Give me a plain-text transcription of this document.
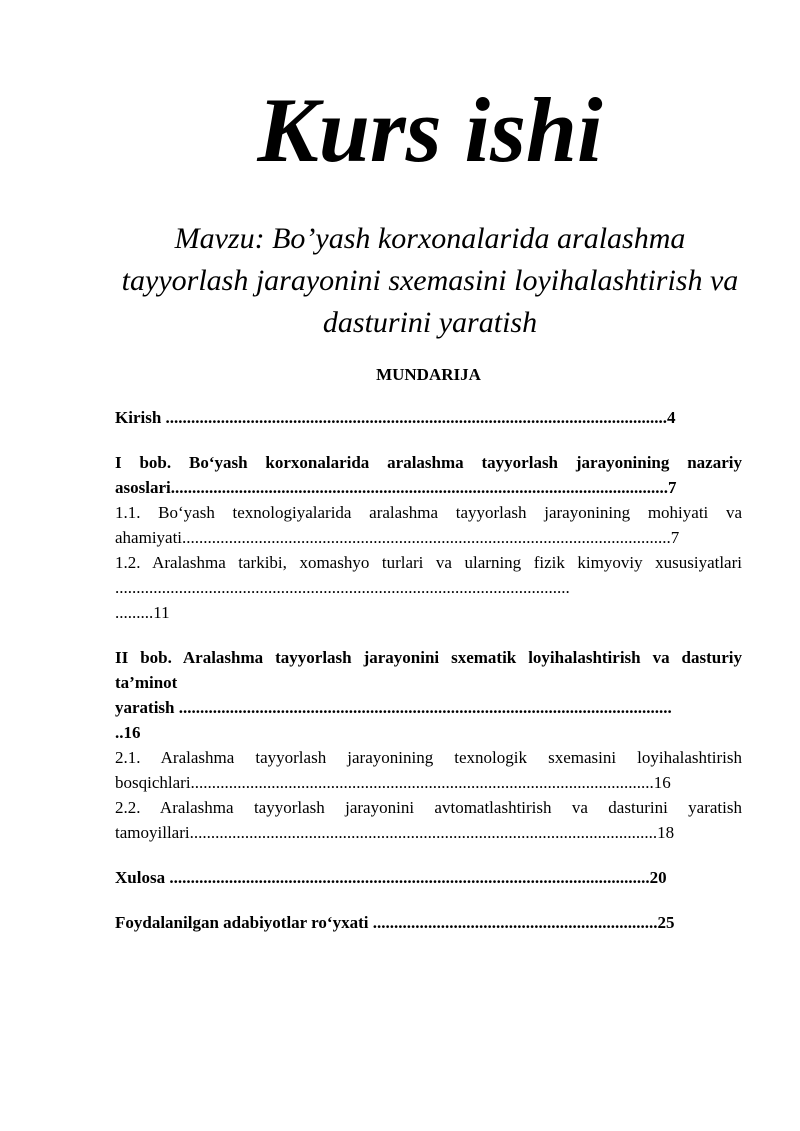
Kurs ishi

Mavzu: Bo’yash korxonalarida aralashma tayyorlash jarayonini sxemasini loyihalashtirish va dasturini yaratish

MUNDARIJA

Kirish ......................................................................................................................4

I bob. Bo‘yash korxonalarida aralashma tayyorlash jarayonining nazariy asoslari.....................................................................................................................7

1.1. Bo‘yash texnologiyalarida aralashma tayyorlash jarayonining mohiyati va ahamiyati...................................................................................................................7

1.2. Aralashma tarkibi, xomashyo turlari va ularning fizik kimyoviy xususiyatlari ...........................................................................................................

.........11

II bob. Aralashma tayyorlash jarayonini sxematik loyihalashtirish va dasturiy ta’minot

yaratish ....................................................................................................................

..16

2.1. Aralashma tayyorlash jarayonining texnologik sxemasini loyihalashtirish bosqichlari.............................................................................................................16

2.2. Aralashma tayyorlash jarayonini avtomatlashtirish va dasturini yaratish tamoyillari..............................................................................................................18

Xulosa .................................................................................................................20

Foydalanilgan adabiyotlar ro‘yxati ...................................................................25
